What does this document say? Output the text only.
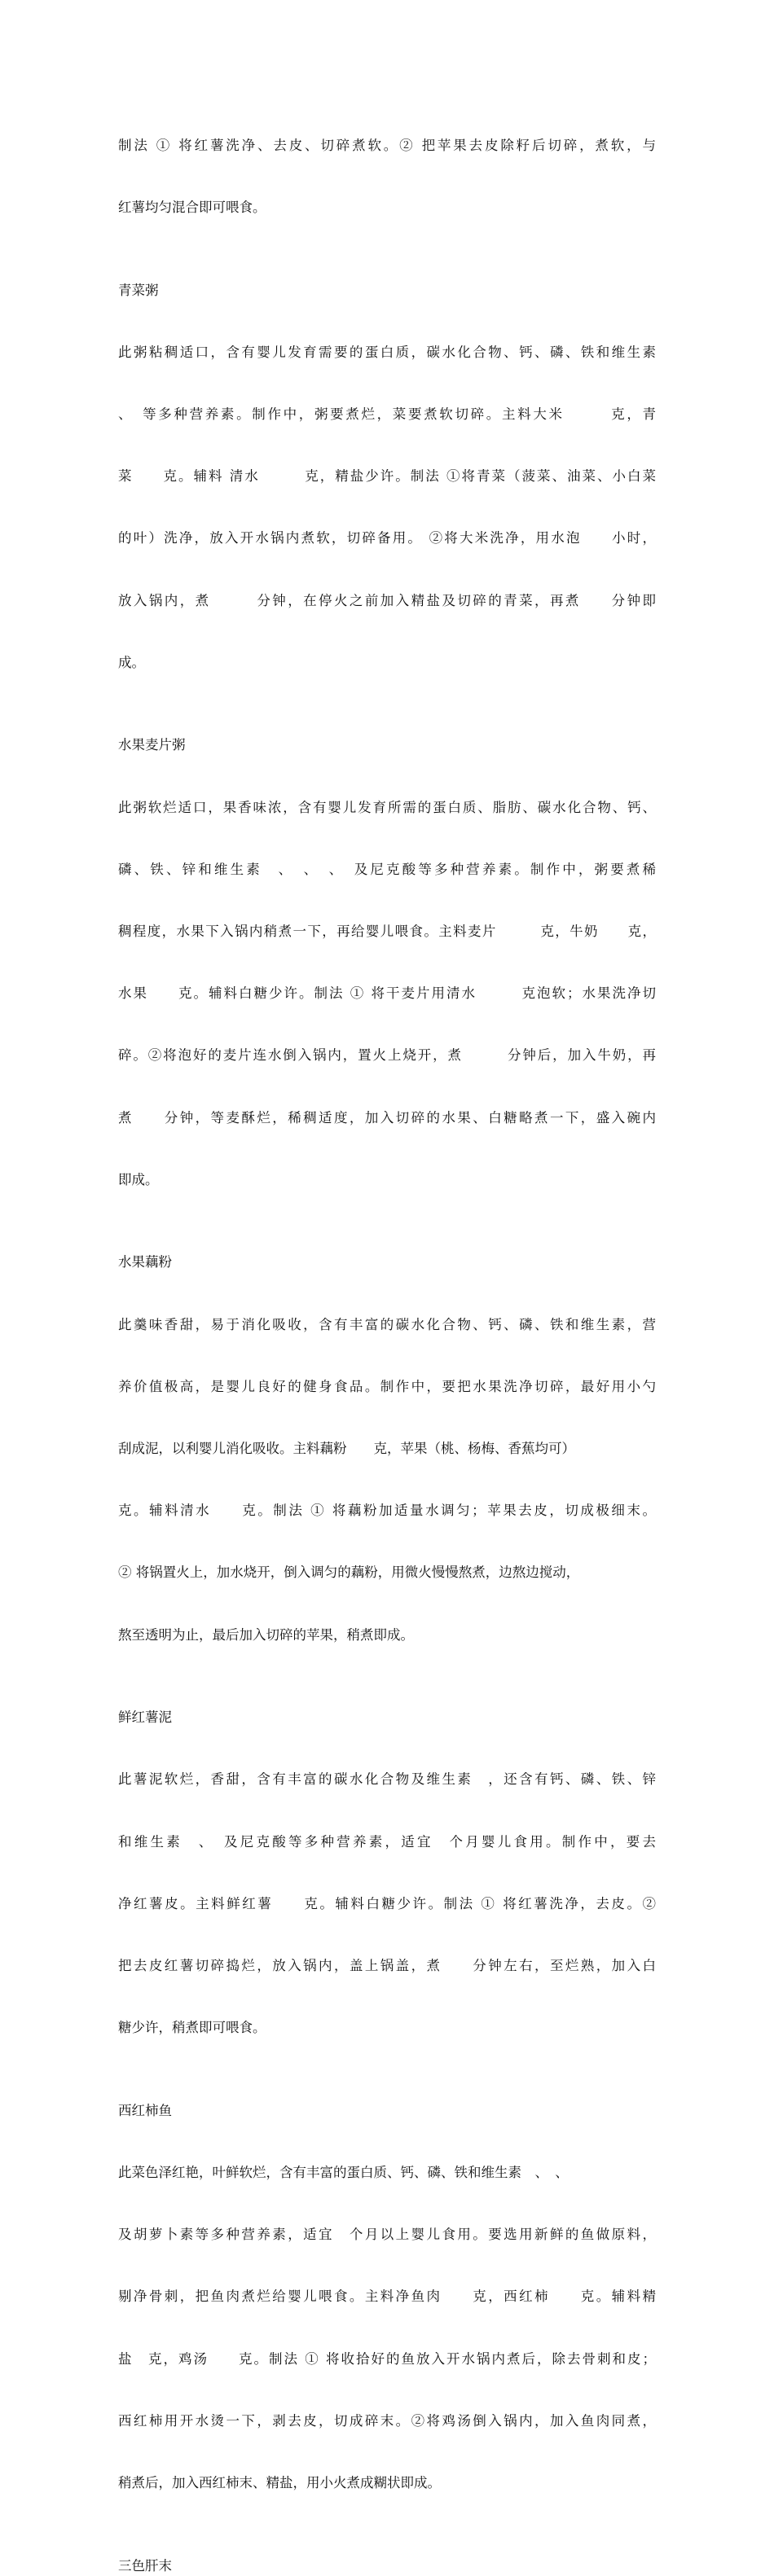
制法 ① 将红薯洗净、去皮、切碎煮软。② 把苹果去皮除籽后切碎，煮软，与

红薯均匀混合即可喂食。

青菜粥

此粥粘稠适口，含有婴儿发育需要的蛋白质，碳水化合物、钙、磷、铁和维生素

、　等多种营养素。制作中，粥要煮烂，菜要煮软切碎。主料大米　　　克，青

菜　　克。辅料 清水　　　克，精盐少许。制法 ①将青菜（菠菜、油菜、小白菜

的叶）洗净，放入开水锅内煮软，切碎备用。 ②将大米洗净，用水泡　　小时，

放入锅内，煮　　　分钟，在停火之前加入精盐及切碎的青菜，再煮　　分钟即

成。

水果麦片粥

此粥软烂适口，果香味浓，含有婴儿发育所需的蛋白质、脂肪、碳水化合物、钙、

磷、铁、锌和维生素　、　、　、　及尼克酸等多种营养素。制作中，粥要煮稀

稠程度，水果下入锅内稍煮一下，再给婴儿喂食。主料麦片　　　克，牛奶　　克，

水果　　克。辅料白糖少许。制法 ① 将干麦片用清水　　　克泡软；水果洗净切

碎。②将泡好的麦片连水倒入锅内，置火上烧开，煮　　　分钟后，加入牛奶，再

煮　　分钟，等麦酥烂，稀稠适度，加入切碎的水果、白糖略煮一下，盛入碗内

即成。

水果藕粉

此羹味香甜，易于消化吸收，含有丰富的碳水化合物、钙、磷、铁和维生素，营

养价值极高，是婴儿良好的健身食品。制作中，要把水果洗净切碎，最好用小勺

刮成泥，以利婴儿消化吸收。主料藕粉　　克，苹果（桃、杨梅、香蕉均可）

克。辅料清水　　克。制法 ① 将藕粉加适量水调匀；苹果去皮，切成极细末。

② 将锅置火上，加水烧开，倒入调匀的藕粉，用微火慢慢熬煮，边熬边搅动，

熬至透明为止，最后加入切碎的苹果，稍煮即成。

鲜红薯泥

此薯泥软烂，香甜，含有丰富的碳水化合物及维生素　，还含有钙、磷、铁、锌

和维生素　、　及尼克酸等多种营养素，适宜　个月婴儿食用。制作中，要去

净红薯皮。主料鲜红薯　　克。辅料白糖少许。制法 ① 将红薯洗净，去皮。②

把去皮红薯切碎捣烂，放入锅内，盖上锅盖，煮　　分钟左右，至烂熟，加入白

糖少许，稍煮即可喂食。

西红柿鱼

此菜色泽红艳，叶鲜软烂，含有丰富的蛋白质、钙、磷、铁和维生素　、　、

及胡萝卜素等多种营养素，适宜　个月以上婴儿食用。要选用新鲜的鱼做原料，

剔净骨刺，把鱼肉煮烂给婴儿喂食。主料净鱼肉　　克，西红柿　　克。辅料精

盐　克，鸡汤　　克。制法 ① 将收拾好的鱼放入开水锅内煮后，除去骨刺和皮；

西红柿用开水烫一下，剥去皮，切成碎末。②将鸡汤倒入锅内，加入鱼肉同煮，

稍煮后，加入西红柿末、精盐，用小火煮成糊状即成。

三色肝末
